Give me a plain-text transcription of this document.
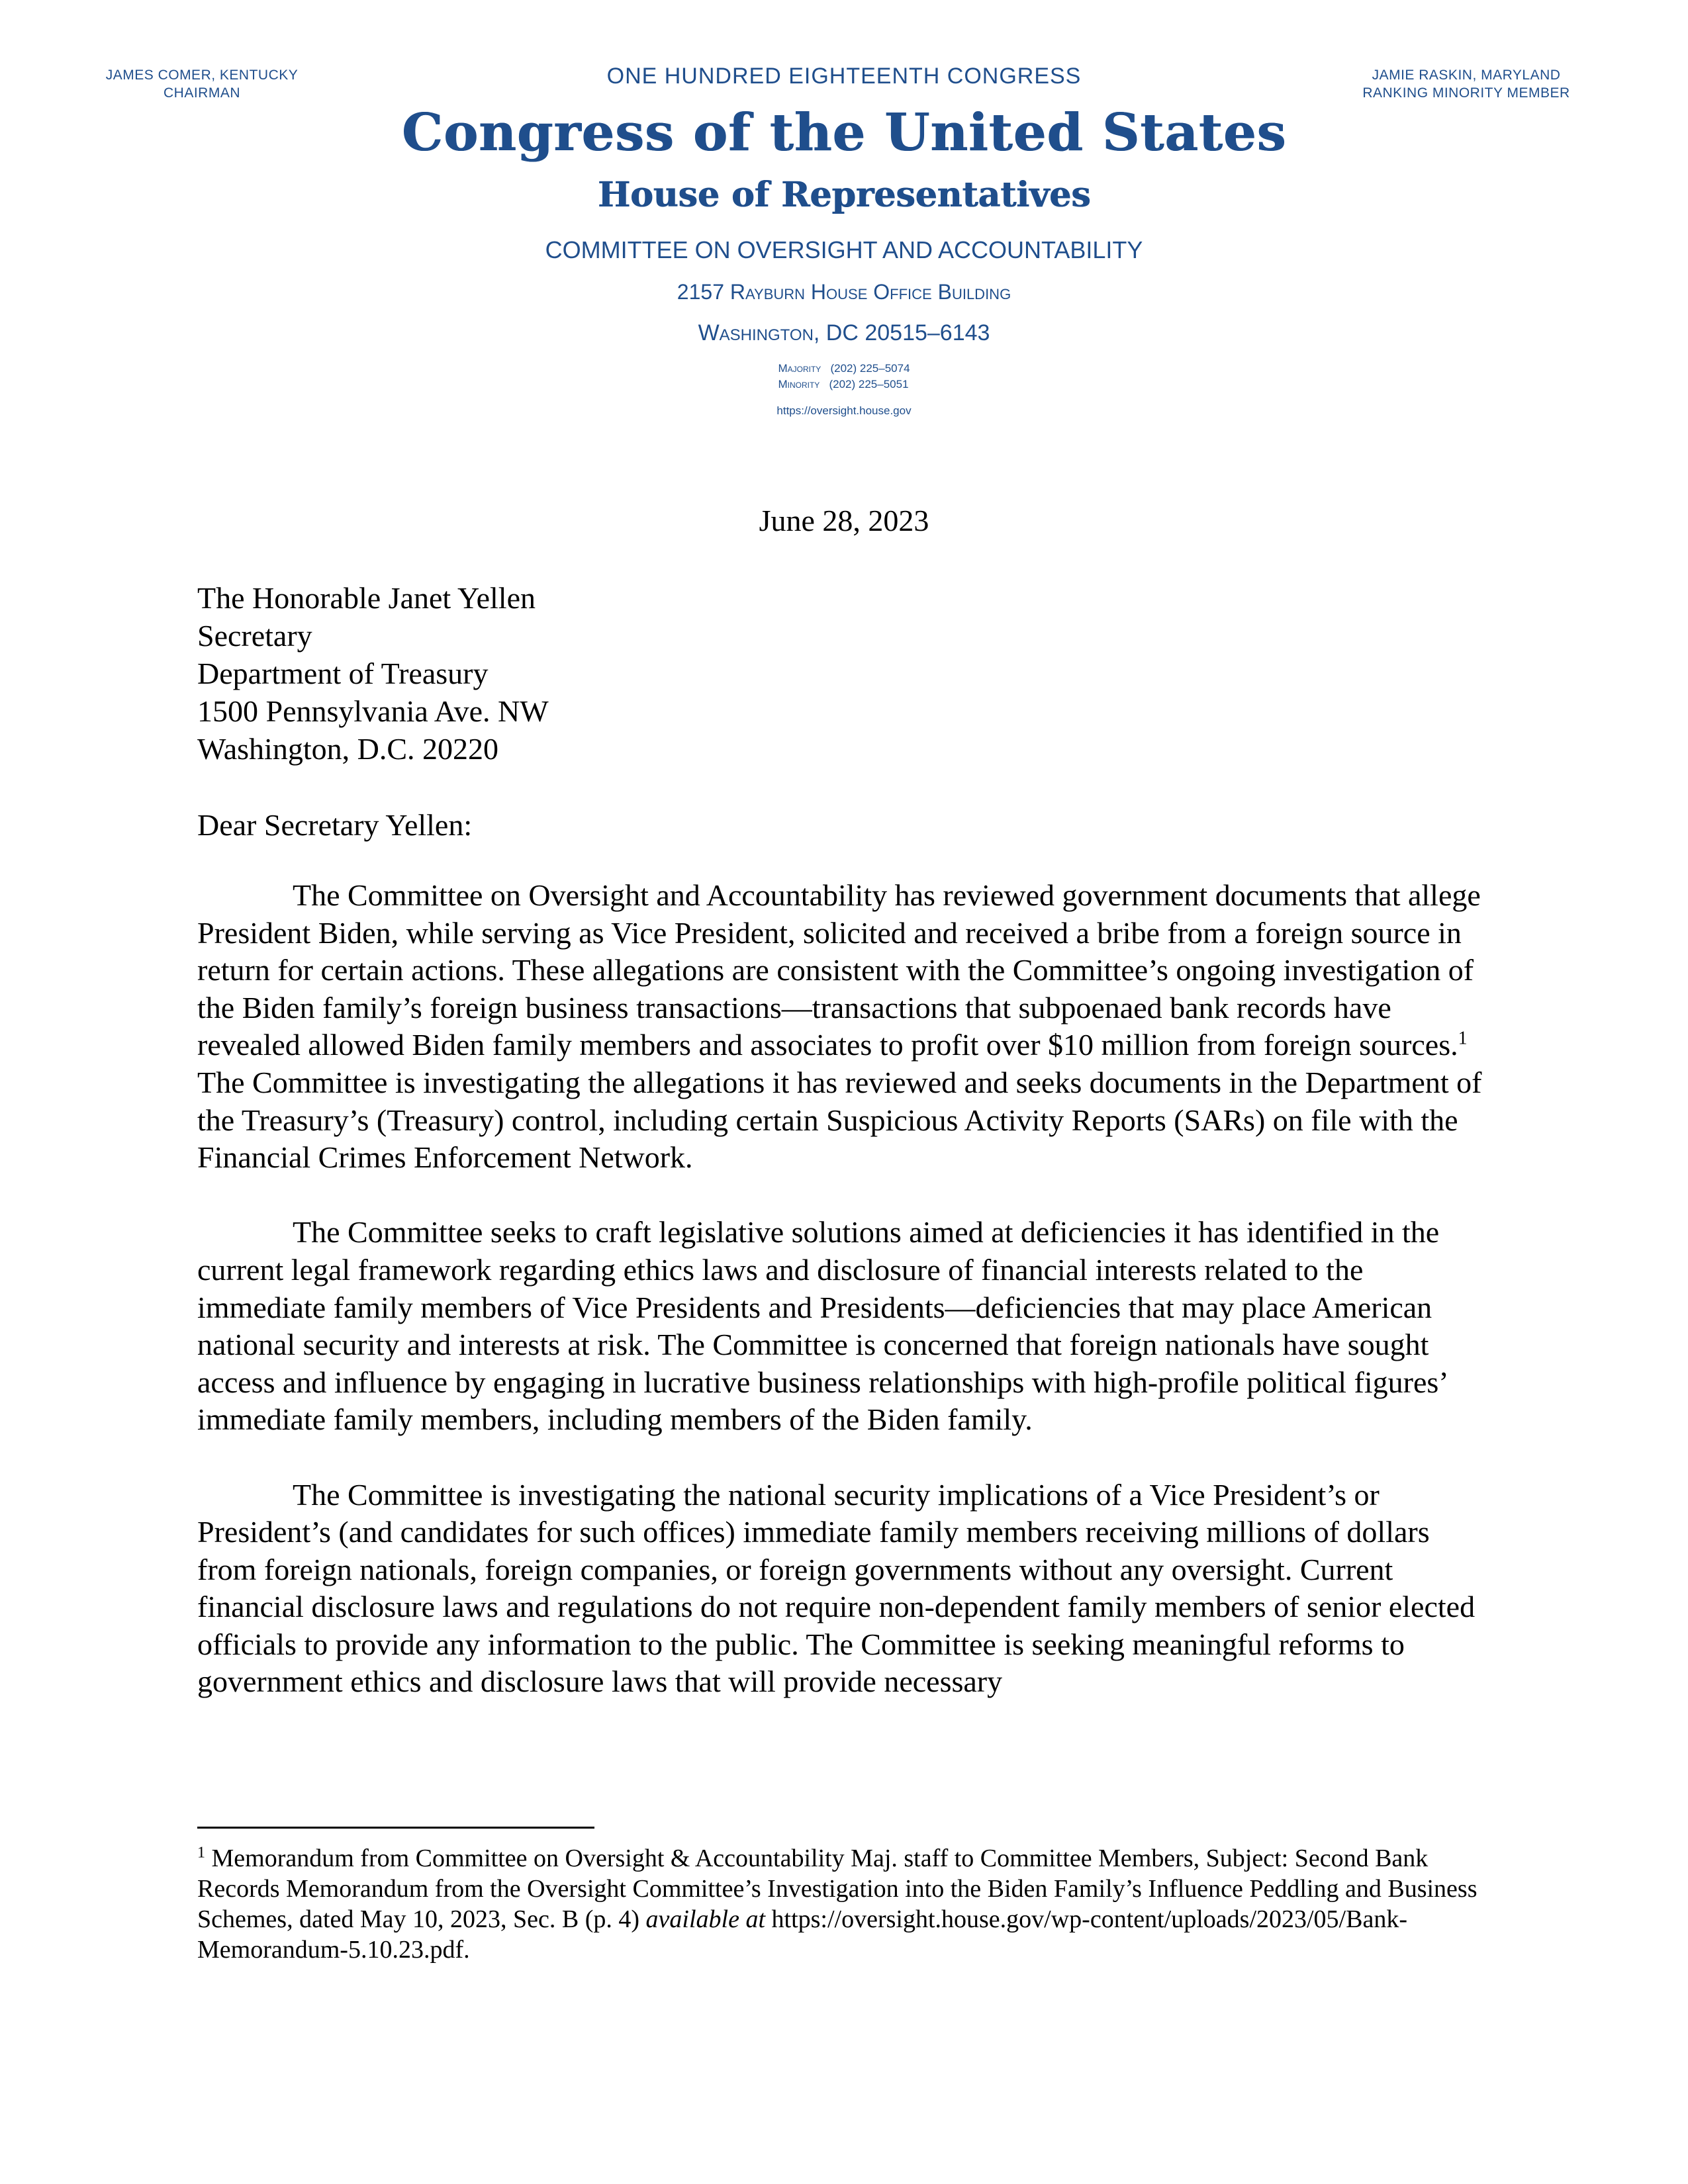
JAMES COMER, KENTUCKY
CHAIRMAN
ONE HUNDRED EIGHTEENTH CONGRESS
Congress of the United States
House of Representatives
COMMITTEE ON OVERSIGHT AND ACCOUNTABILITY
2157 Rayburn House Office Building
Washington, DC 20515–6143
Majority (202) 225–5074
Minority (202) 225–5051
https://oversight.house.gov
JAMIE RASKIN, MARYLAND
RANKING MINORITY MEMBER
June 28, 2023
The Honorable Janet Yellen
Secretary
Department of Treasury
1500 Pennsylvania Ave. NW
Washington, D.C. 20220
Dear Secretary Yellen:

The Committee on Oversight and Accountability has reviewed government documents that allege President Biden, while serving as Vice President, solicited and received a bribe from a foreign source in return for certain actions. These allegations are consistent with the Committee’s ongoing investigation of the Biden family’s foreign business transactions—transactions that subpoenaed bank records have revealed allowed Biden family members and associates to profit over $10 million from foreign sources.$^1$ The Committee is investigating the allegations it has reviewed and seeks documents in the Department of the Treasury’s (Treasury) control, including certain Suspicious Activity Reports (SARs) on file with the Financial Crimes Enforcement Network.

The Committee seeks to craft legislative solutions aimed at deficiencies it has identified in the current legal framework regarding ethics laws and disclosure of financial interests related to the immediate family members of Vice Presidents and Presidents—deficiencies that may place American national security and interests at risk. The Committee is concerned that foreign nationals have sought access and influence by engaging in lucrative business relationships with high-profile political figures’ immediate family members, including members of the Biden family.

The Committee is investigating the national security implications of a Vice President’s or President’s (and candidates for such offices) immediate family members receiving millions of dollars from foreign nationals, foreign companies, or foreign governments without any oversight. Current financial disclosure laws and regulations do not require non-dependent family members of senior elected officials to provide any information to the public. The Committee is seeking meaningful reforms to government ethics and disclosure laws that will provide necessary

$^1$ Memorandum from Committee on Oversight & Accountability Maj. staff to Committee Members, Subject: Second Bank Records Memorandum from the Oversight Committee’s Investigation into the Biden Family’s Influence Peddling and Business Schemes, dated May 10, 2023, Sec. B (p. 4) available at https://oversight.house.gov/wp-content/uploads/2023/05/Bank-Memorandum-5.10.23.pdf.
